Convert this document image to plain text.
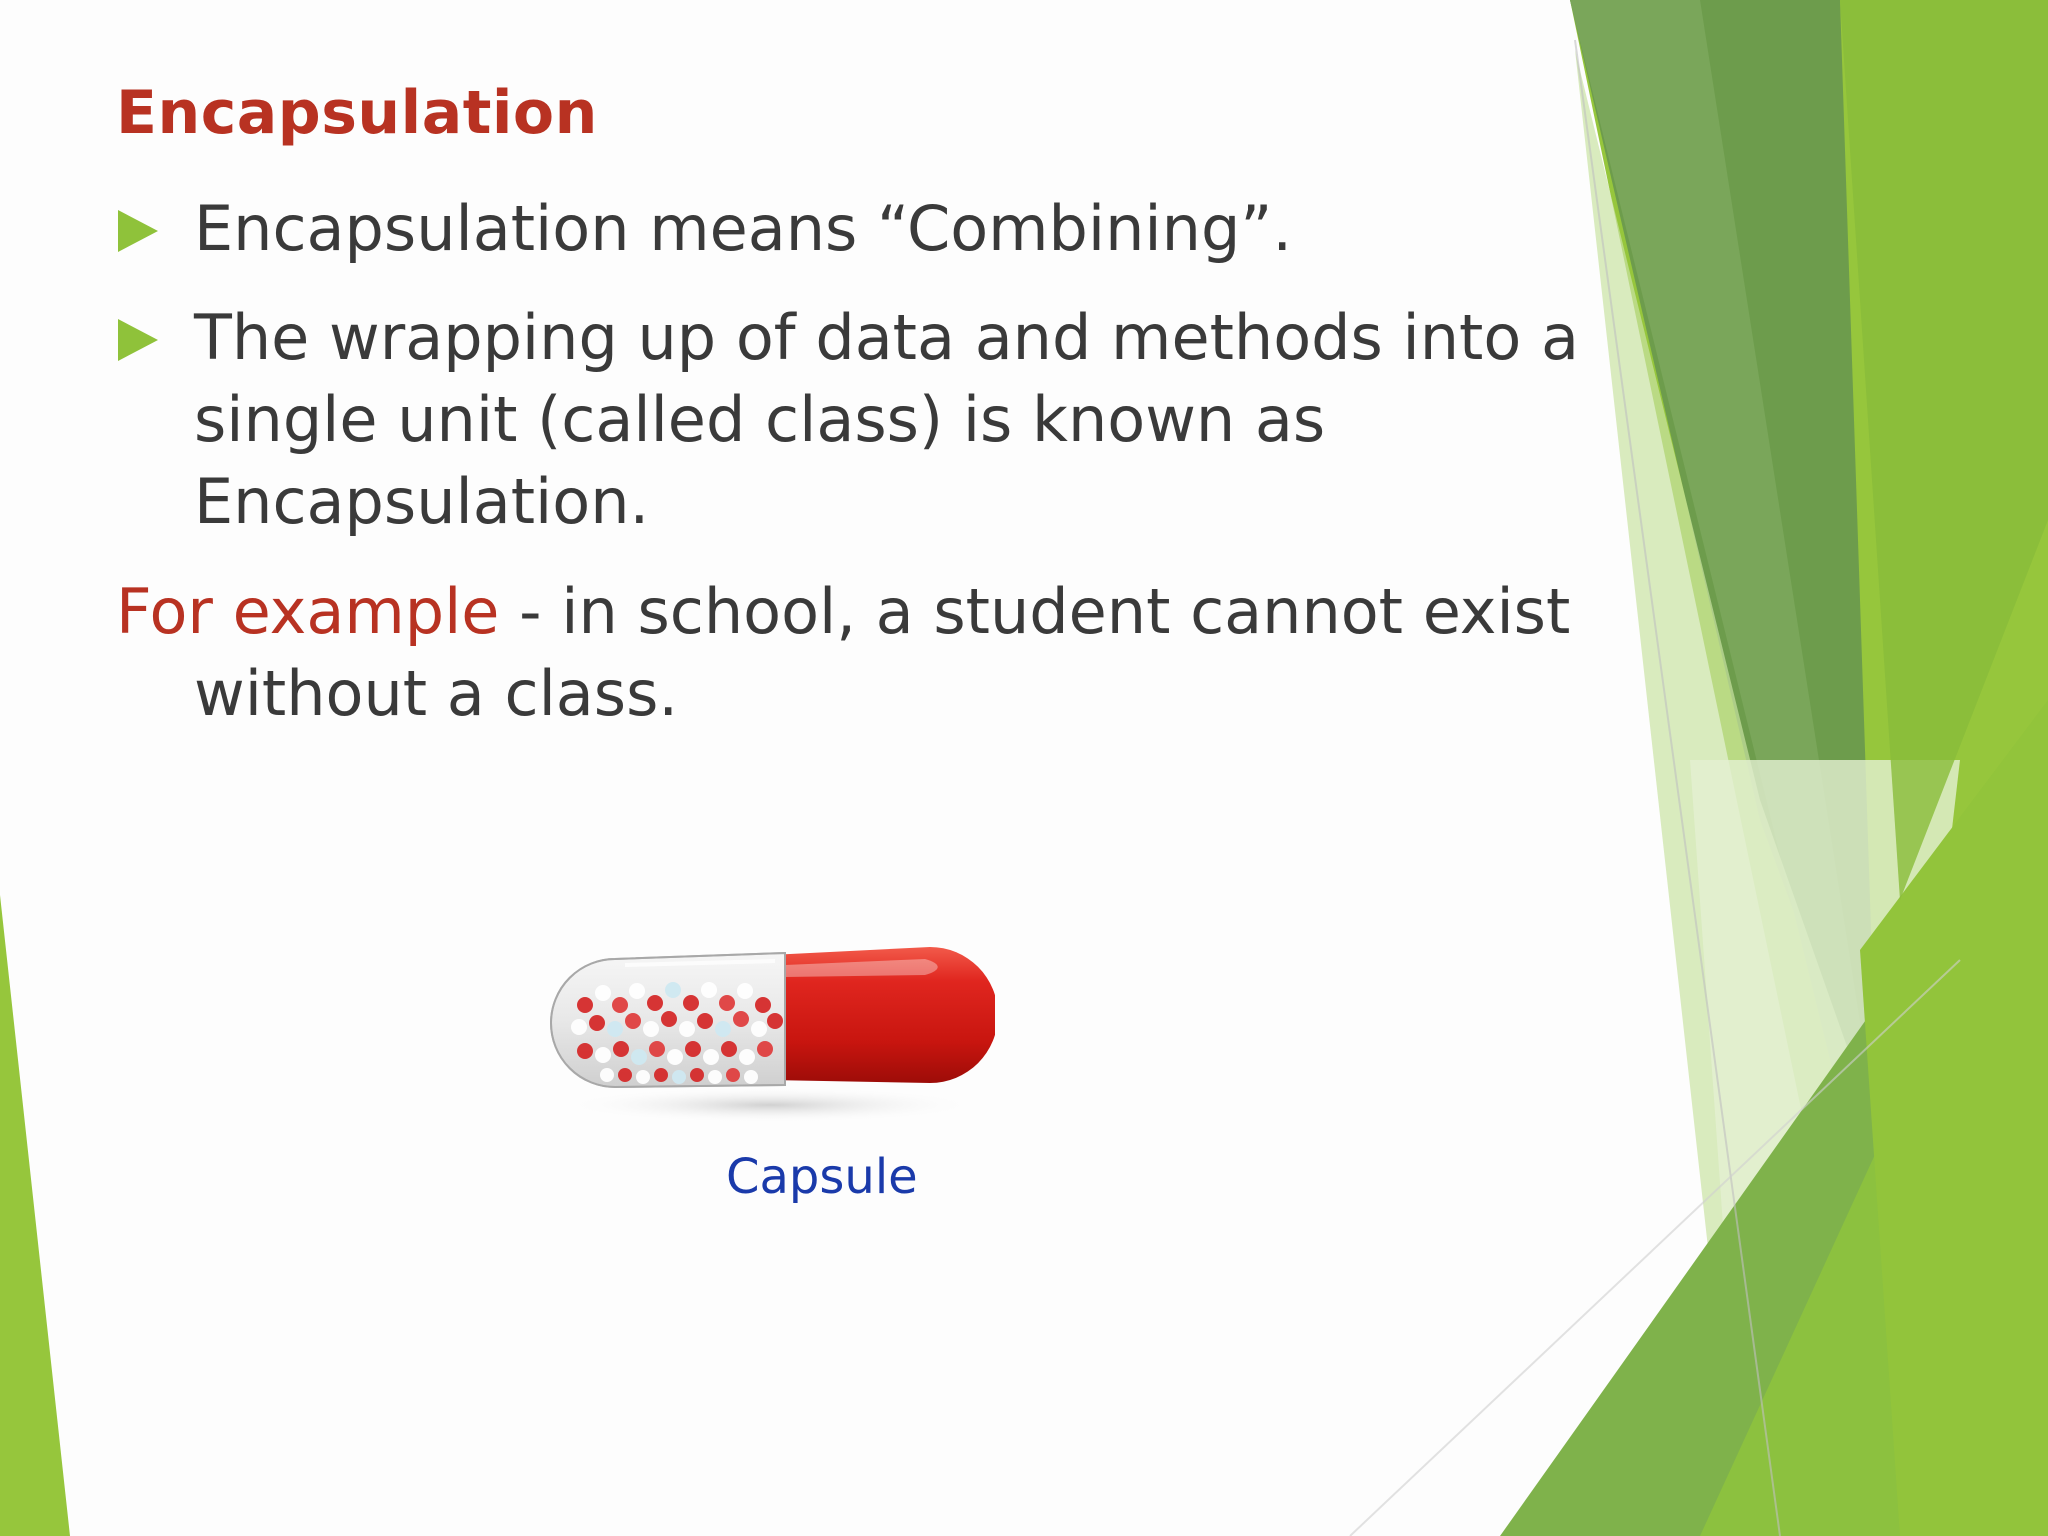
Encapsulation
Encapsulation means “Combining”.
The wrapping up of data and methods into a single unit (called class) is known as Encapsulation.
For example - in school, a student cannot exist
without a class.
Capsule
